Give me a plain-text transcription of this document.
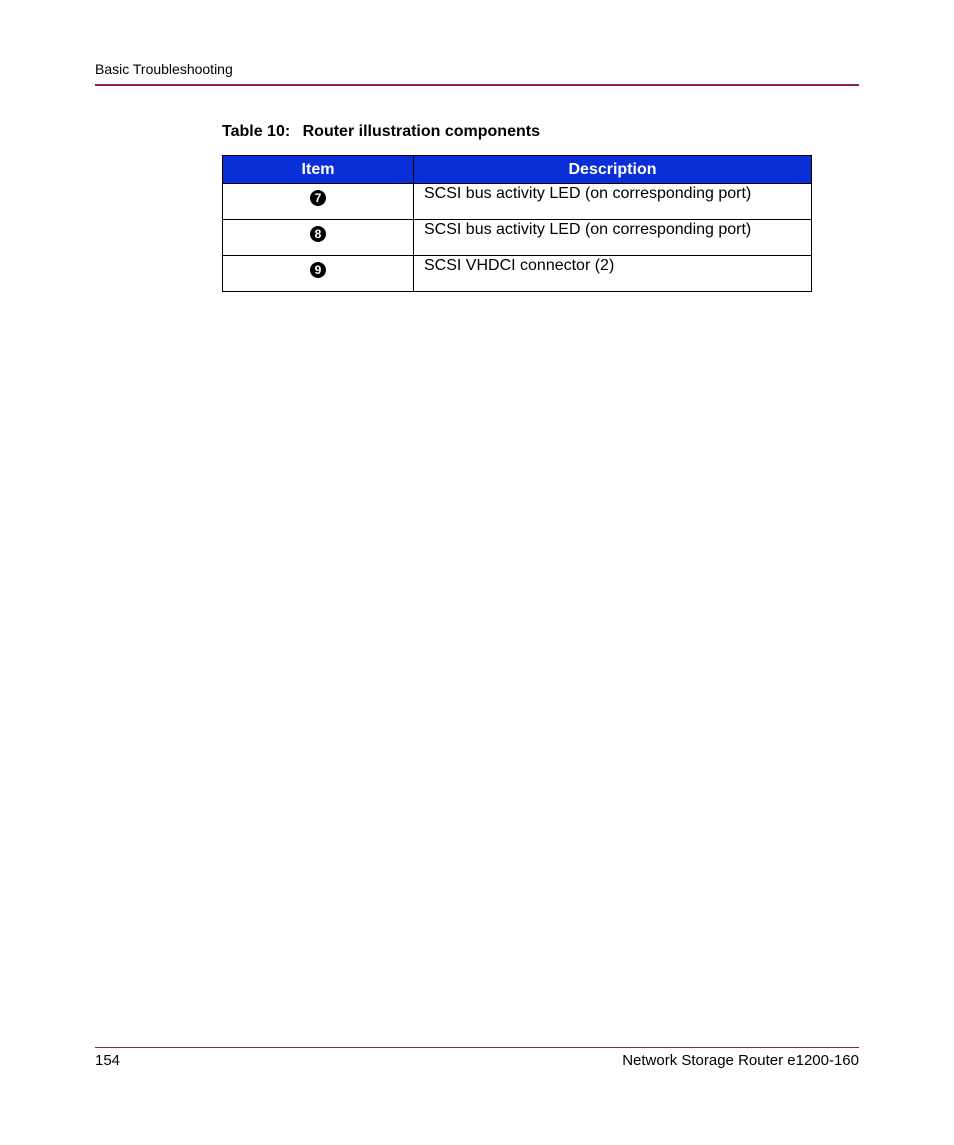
Basic Troubleshooting
Table 10: Router illustration components
Item	Description
7	SCSI bus activity LED (on corresponding port)
8	SCSI bus activity LED (on corresponding port)
9	SCSI VHDCI connector (2)
154	Network Storage Router e1200-160
